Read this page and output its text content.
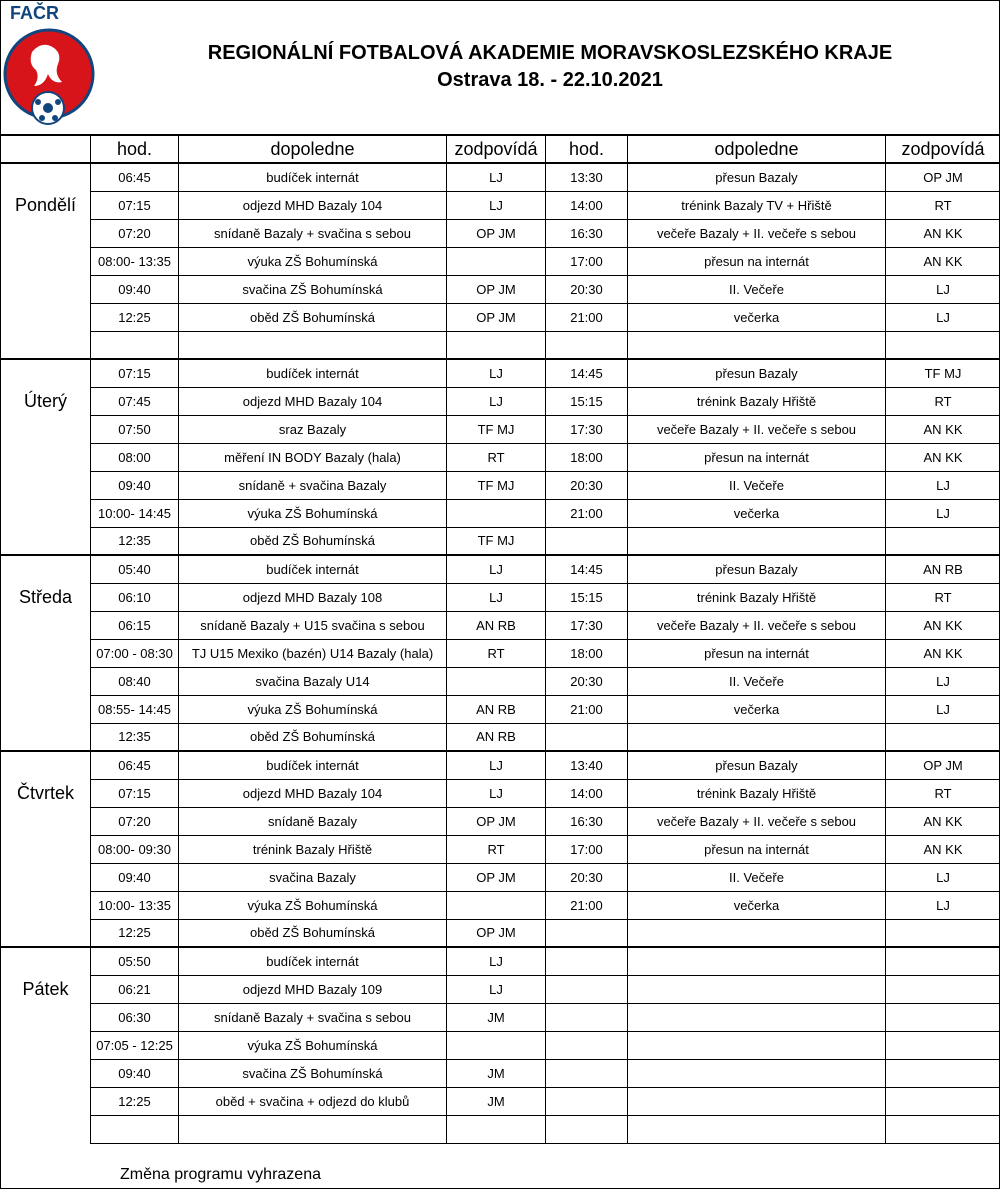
FAČR
REGIONÁLNÍ FOTBALOVÁ AKADEMIE MORAVSKOSLEZSKÉHO KRAJE
Ostrava 18. - 22.10.2021
	hod.	dopoledne	zodpovídá	hod.	odpoledne	zodpovídá
	06:45	budíček internát	LJ	13:30	přesun Bazaly	OP JM
Pondělí	07:15	odjezd MHD Bazaly 104	LJ	14:00	trénink Bazaly TV + Hřiště	RT
	07:20	snídaně Bazaly + svačina s sebou	OP JM	16:30	večeře Bazaly + II. večeře s sebou	AN KK
	08:00- 13:35	výuka ZŠ Bohumínská		17:00	přesun na internát	AN KK
	09:40	svačina ZŠ Bohumínská	OP JM	20:30	II. Večeře	LJ
	12:25	oběd ZŠ Bohumínská	OP JM	21:00	večerka	LJ

	07:15	budíček internát	LJ	14:45	přesun Bazaly	TF MJ
Úterý	07:45	odjezd MHD Bazaly 104	LJ	15:15	trénink Bazaly Hřiště	RT
	07:50	sraz Bazaly	TF MJ	17:30	večeře Bazaly + II. večeře s sebou	AN KK
	08:00	měření IN BODY Bazaly (hala)	RT	18:00	přesun na internát	AN KK
	09:40	snídaně + svačina Bazaly	TF MJ	20:30	II. Večeře	LJ
	10:00- 14:45	výuka ZŠ Bohumínská		21:00	večerka	LJ
	12:35	oběd ZŠ Bohumínská	TF MJ			
	05:40	budíček internát	LJ	14:45	přesun Bazaly	AN RB
Středa	06:10	odjezd MHD Bazaly 108	LJ	15:15	trénink Bazaly Hřiště	RT
	06:15	snídaně Bazaly + U15 svačina s sebou	AN RB	17:30	večeře Bazaly + II. večeře s sebou	AN KK
	07:00 - 08:30	TJ U15 Mexiko (bazén) U14 Bazaly (hala)	RT	18:00	přesun na internát	AN KK
	08:40	svačina Bazaly U14		20:30	II. Večeře	LJ
	08:55- 14:45	výuka ZŠ Bohumínská	AN RB	21:00	večerka	LJ
	12:35	oběd ZŠ Bohumínská	AN RB			
	06:45	budíček internát	LJ	13:40	přesun Bazaly	OP JM
Čtvrtek	07:15	odjezd MHD Bazaly 104	LJ	14:00	trénink Bazaly Hřiště	RT
	07:20	snídaně Bazaly	OP JM	16:30	večeře Bazaly + II. večeře s sebou	AN KK
	08:00- 09:30	trénink Bazaly Hřiště	RT	17:00	přesun na internát	AN KK
	09:40	svačina Bazaly	OP JM	20:30	II. Večeře	LJ
	10:00- 13:35	výuka ZŠ Bohumínská		21:00	večerka	LJ
	12:25	oběd ZŠ Bohumínská	OP JM			
	05:50	budíček internát	LJ			
Pátek	06:21	odjezd MHD Bazaly 109	LJ			
	06:30	snídaně Bazaly + svačina s sebou	JM			
	07:05 - 12:25	výuka ZŠ Bohumínská				
	09:40	svačina ZŠ Bohumínská	JM			
	12:25	oběd + svačina + odjezd do klubů	JM			

Změna programu vyhrazena
